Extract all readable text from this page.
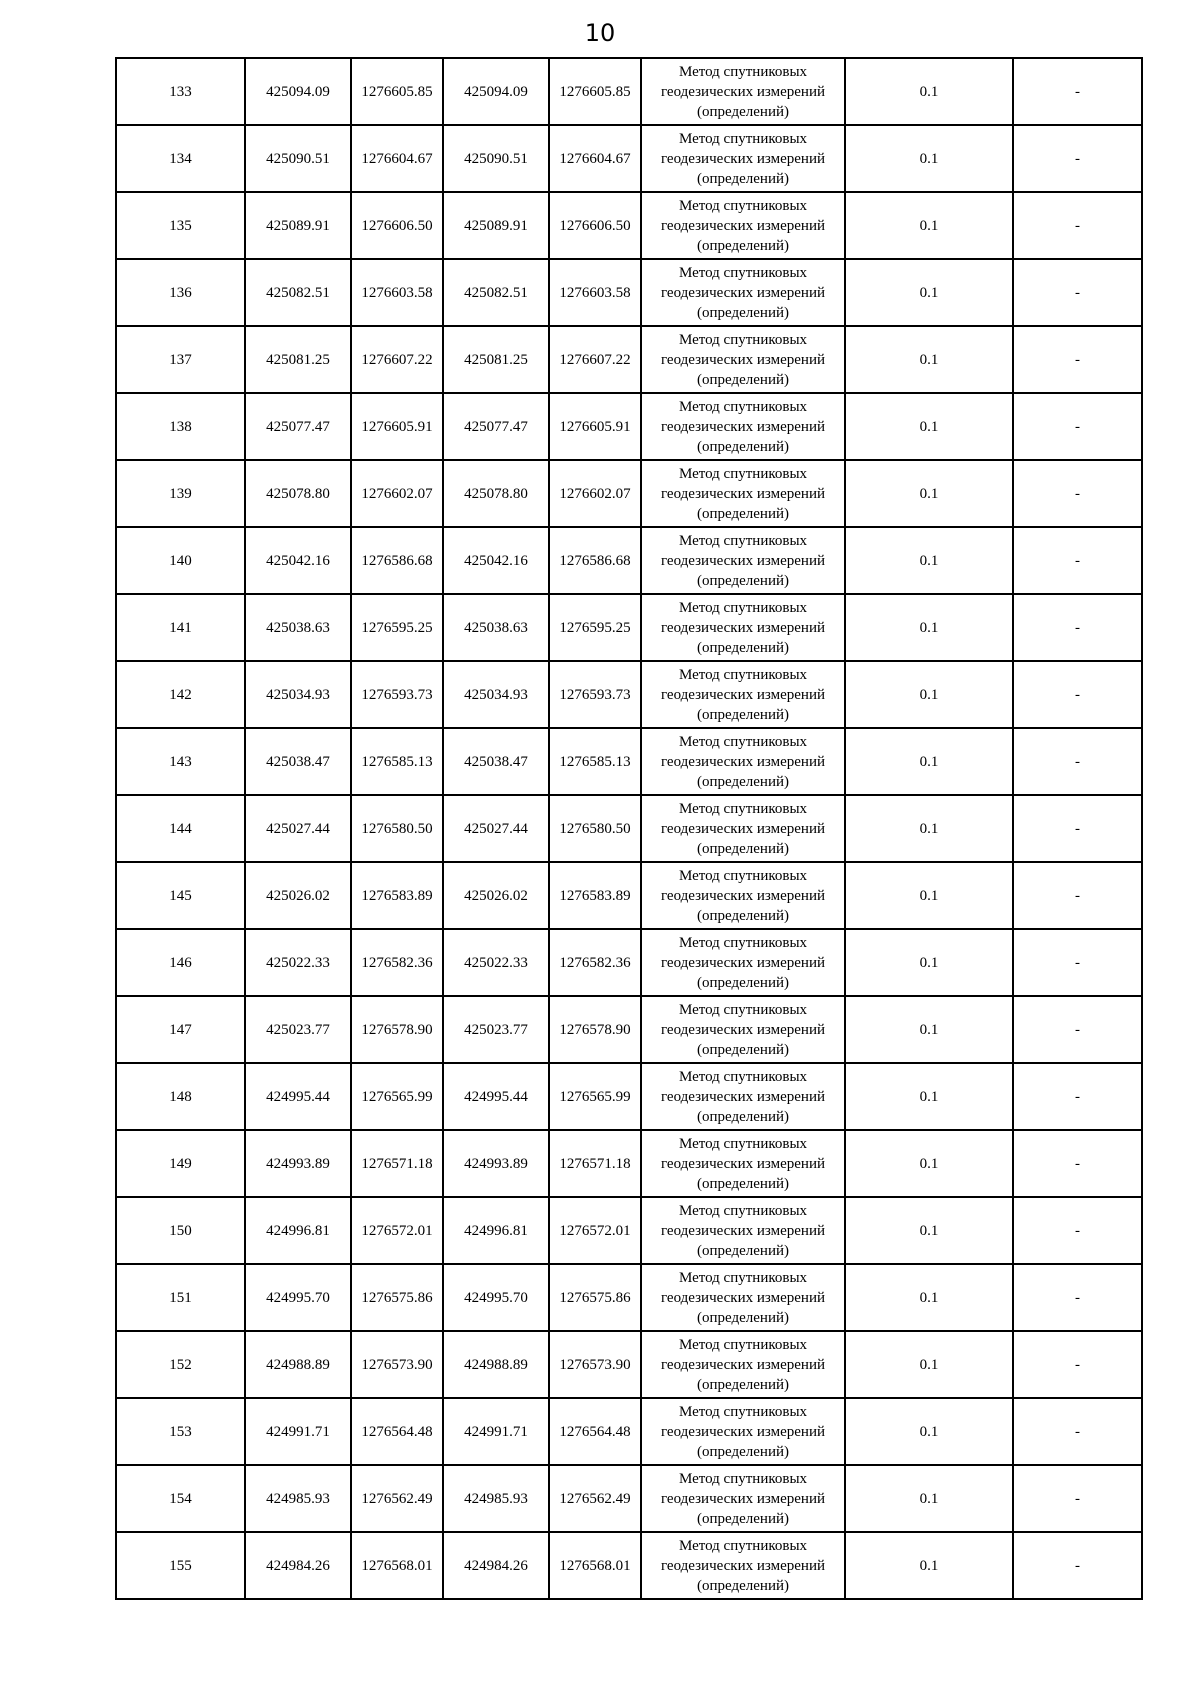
10
133	425094.09	1276605.85	425094.09	1276605.85	Метод спутниковых
геодезических измерений
(определений)	0.1	-
134	425090.51	1276604.67	425090.51	1276604.67	Метод спутниковых
геодезических измерений
(определений)	0.1	-
135	425089.91	1276606.50	425089.91	1276606.50	Метод спутниковых
геодезических измерений
(определений)	0.1	-
136	425082.51	1276603.58	425082.51	1276603.58	Метод спутниковых
геодезических измерений
(определений)	0.1	-
137	425081.25	1276607.22	425081.25	1276607.22	Метод спутниковых
геодезических измерений
(определений)	0.1	-
138	425077.47	1276605.91	425077.47	1276605.91	Метод спутниковых
геодезических измерений
(определений)	0.1	-
139	425078.80	1276602.07	425078.80	1276602.07	Метод спутниковых
геодезических измерений
(определений)	0.1	-
140	425042.16	1276586.68	425042.16	1276586.68	Метод спутниковых
геодезических измерений
(определений)	0.1	-
141	425038.63	1276595.25	425038.63	1276595.25	Метод спутниковых
геодезических измерений
(определений)	0.1	-
142	425034.93	1276593.73	425034.93	1276593.73	Метод спутниковых
геодезических измерений
(определений)	0.1	-
143	425038.47	1276585.13	425038.47	1276585.13	Метод спутниковых
геодезических измерений
(определений)	0.1	-
144	425027.44	1276580.50	425027.44	1276580.50	Метод спутниковых
геодезических измерений
(определений)	0.1	-
145	425026.02	1276583.89	425026.02	1276583.89	Метод спутниковых
геодезических измерений
(определений)	0.1	-
146	425022.33	1276582.36	425022.33	1276582.36	Метод спутниковых
геодезических измерений
(определений)	0.1	-
147	425023.77	1276578.90	425023.77	1276578.90	Метод спутниковых
геодезических измерений
(определений)	0.1	-
148	424995.44	1276565.99	424995.44	1276565.99	Метод спутниковых
геодезических измерений
(определений)	0.1	-
149	424993.89	1276571.18	424993.89	1276571.18	Метод спутниковых
геодезических измерений
(определений)	0.1	-
150	424996.81	1276572.01	424996.81	1276572.01	Метод спутниковых
геодезических измерений
(определений)	0.1	-
151	424995.70	1276575.86	424995.70	1276575.86	Метод спутниковых
геодезических измерений
(определений)	0.1	-
152	424988.89	1276573.90	424988.89	1276573.90	Метод спутниковых
геодезических измерений
(определений)	0.1	-
153	424991.71	1276564.48	424991.71	1276564.48	Метод спутниковых
геодезических измерений
(определений)	0.1	-
154	424985.93	1276562.49	424985.93	1276562.49	Метод спутниковых
геодезических измерений
(определений)	0.1	-
155	424984.26	1276568.01	424984.26	1276568.01	Метод спутниковых
геодезических измерений
(определений)	0.1	-
